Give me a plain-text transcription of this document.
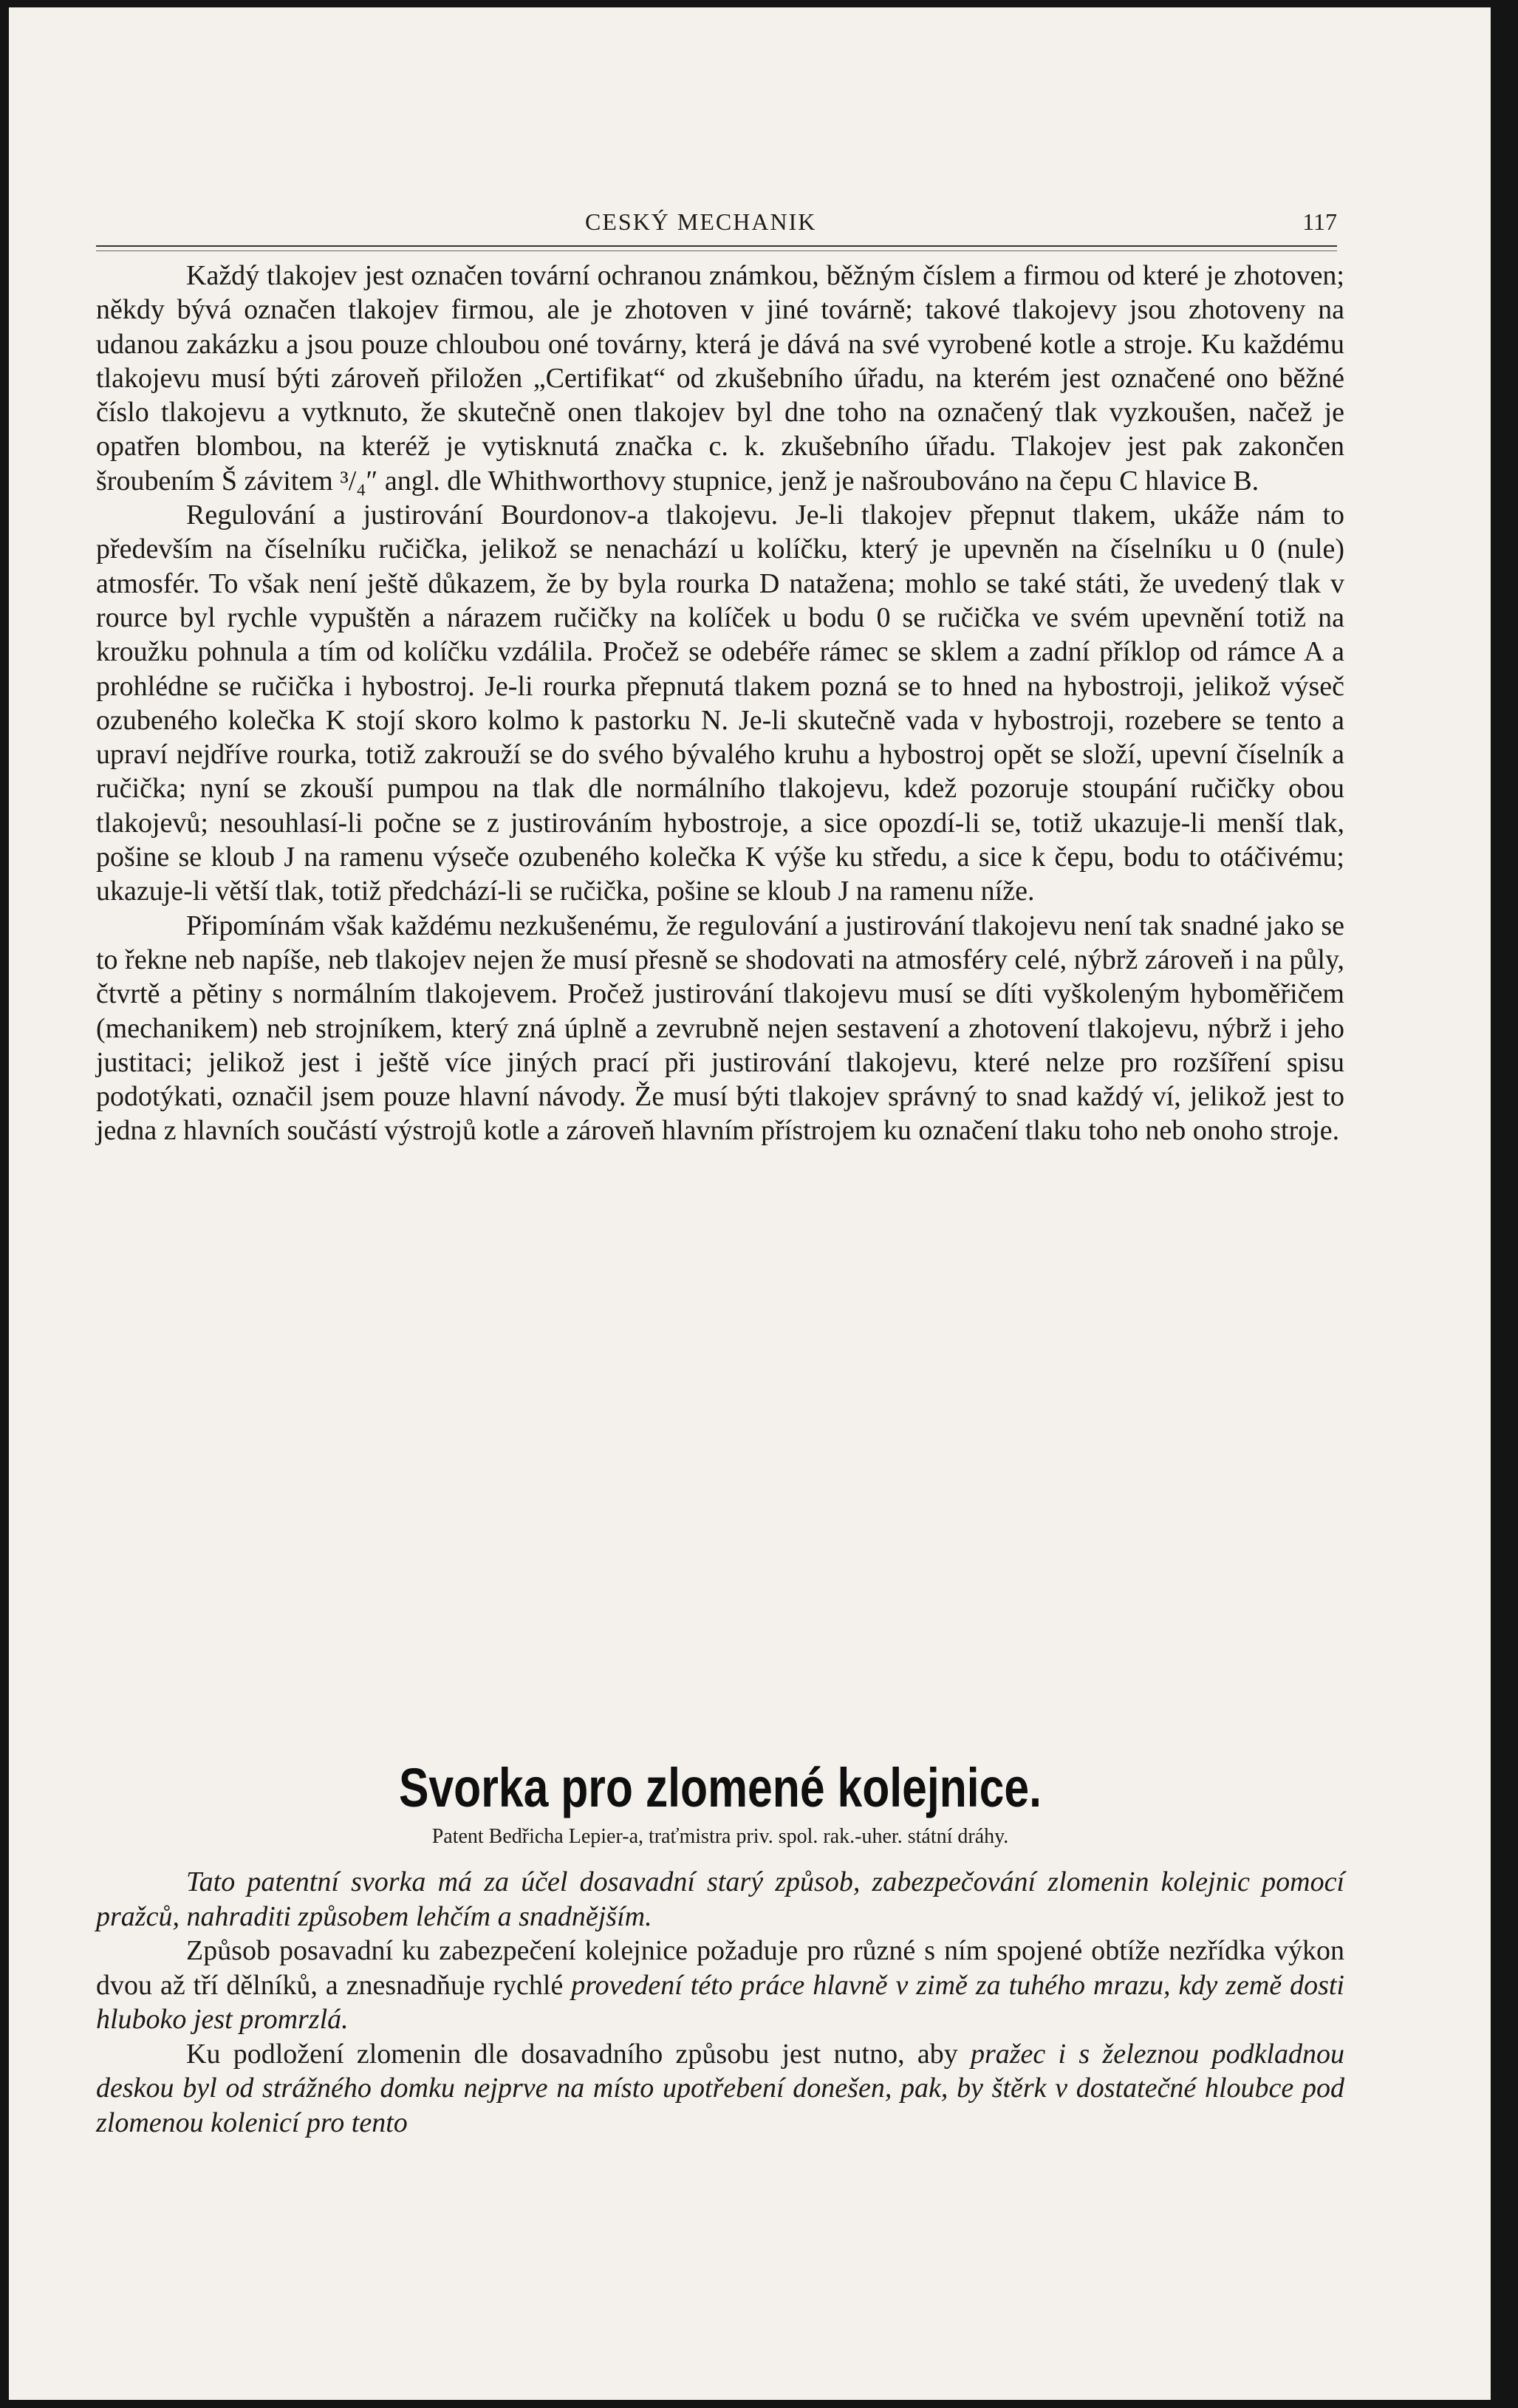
CESKÝ MECHANIK	117

Každý tlakojev jest označen tovární ochranou známkou, běžným číslem a firmou od které je zhotoven; někdy bývá označen tlakojev firmou, ale je zhotoven v jiné továrně; takové tlakojevy jsou zhotoveny na udanou zakázku a jsou pouze chloubou oné továrny, která je dává na své vyrobené kotle a stroje. Ku každému tlakojevu musí býti zároveň přiložen „Certifikat“ od zkušebního úřadu, na kterém jest označené ono běžné číslo tlakojevu a vytknuto, že skutečně onen tlakojev byl dne toho na označený tlak vyzkoušen, načež je opatřen blombou, na kteréž je vytisknutá značka c. k. zkušebního úřadu. Tlakojev jest pak zakončen šroubením Š závitem ³/₄″ angl. dle Whithworthovy stupnice, jenž je našroubováno na čepu C hlavice B.

Regulování a justirování Bourdonov-a tlakojevu. Je-li tlakojev přepnut tlakem, ukáže nám to především na číselníku ručička, jelikož se nenachází u kolíčku, který je upevněn na číselníku u 0 (nule) atmosfér. To však není ještě důkazem, že by byla rourka D natažena; mohlo se také státi, že uvedený tlak v rource byl rychle vypuštěn a nárazem ručičky na kolíček u bodu 0 se ručička ve svém upevnění totiž na kroužku pohnula a tím od kolíčku vzdálila. Pročež se odebéře rámec se sklem a zadní příklop od rámce A a prohlédne se ručička i hybostroj. Je-li rourka přepnutá tlakem pozná se to hned na hybostroji, jelikož výseč ozubeného kolečka K stojí skoro kolmo k pastorku N. Je-li skutečně vada v hybostroji, rozebere se tento a upraví nejdříve rourka, totiž zakrouží se do svého bývalého kruhu a hybostroj opět se složí, upevní číselník a ručička; nyní se zkouší pumpou na tlak dle normálního tlakojevu, kdež pozoruje stoupání ručičky obou tlakojevů; nesouhlasí-li počne se z justirováním hybostroje, a sice opozdí-li se, totiž ukazuje-li menší tlak, pošine se kloub J na ramenu výseče ozubeného kolečka K výše ku středu, a sice k čepu, bodu to otáčivému; ukazuje-li větší tlak, totiž předchází-li se ručička, pošine se kloub J na ramenu níže.

Připomínám však každému nezkušenému, že regulování a justirování tlakojevu není tak snadné jako se to řekne neb napíše, neb tlakojev nejen že musí přesně se shodovati na atmosféry celé, nýbrž zároveň i na půly, čtvrtě a pětiny s normálním tlakojevem. Pročež justirování tlakojevu musí se díti vyškoleným hyboměřičem (mechanikem) neb strojníkem, který zná úplně a zevrubně nejen sestavení a zhotovení tlakojevu, nýbrž i jeho justitaci; jelikož jest i ještě více jiných prací při justirování tlakojevu, které nelze pro rozšíření spisu podotýkati, označil jsem pouze hlavní návody. Že musí býti tlakojev správný to snad každý ví, jelikož jest to jedna z hlavních součástí výstrojů kotle a zároveň hlavním přístrojem ku označení tlaku toho neb onoho stroje.

Svorka pro zlomené kolejnice.
Patent Bedřicha Lepier-a, traťmistra priv. spol. rak.-uher. státní dráhy.

Tato patentní svorka má za účel dosavadní starý způsob, zabezpečování zlomenin kolejnic pomocí pražců, nahraditi způsobem lehčím a snadnějším.

Způsob posavadní ku zabezpečení kolejnice požaduje pro různé s ním spojené obtíže nezřídka výkon dvou až tří dělníků, a znesnadňuje rychlé provedení této práce hlavně v zimě za tuhého mrazu, kdy země dosti hluboko jest promrzlá.

Ku podložení zlomenin dle dosavadního způsobu jest nutno, aby pražec i s železnou podkladnou deskou byl od strážného domku nejprve na místo upotřebení donešen, pak, by štěrk v dostatečné hloubce pod zlomenou kolenicí pro tento
